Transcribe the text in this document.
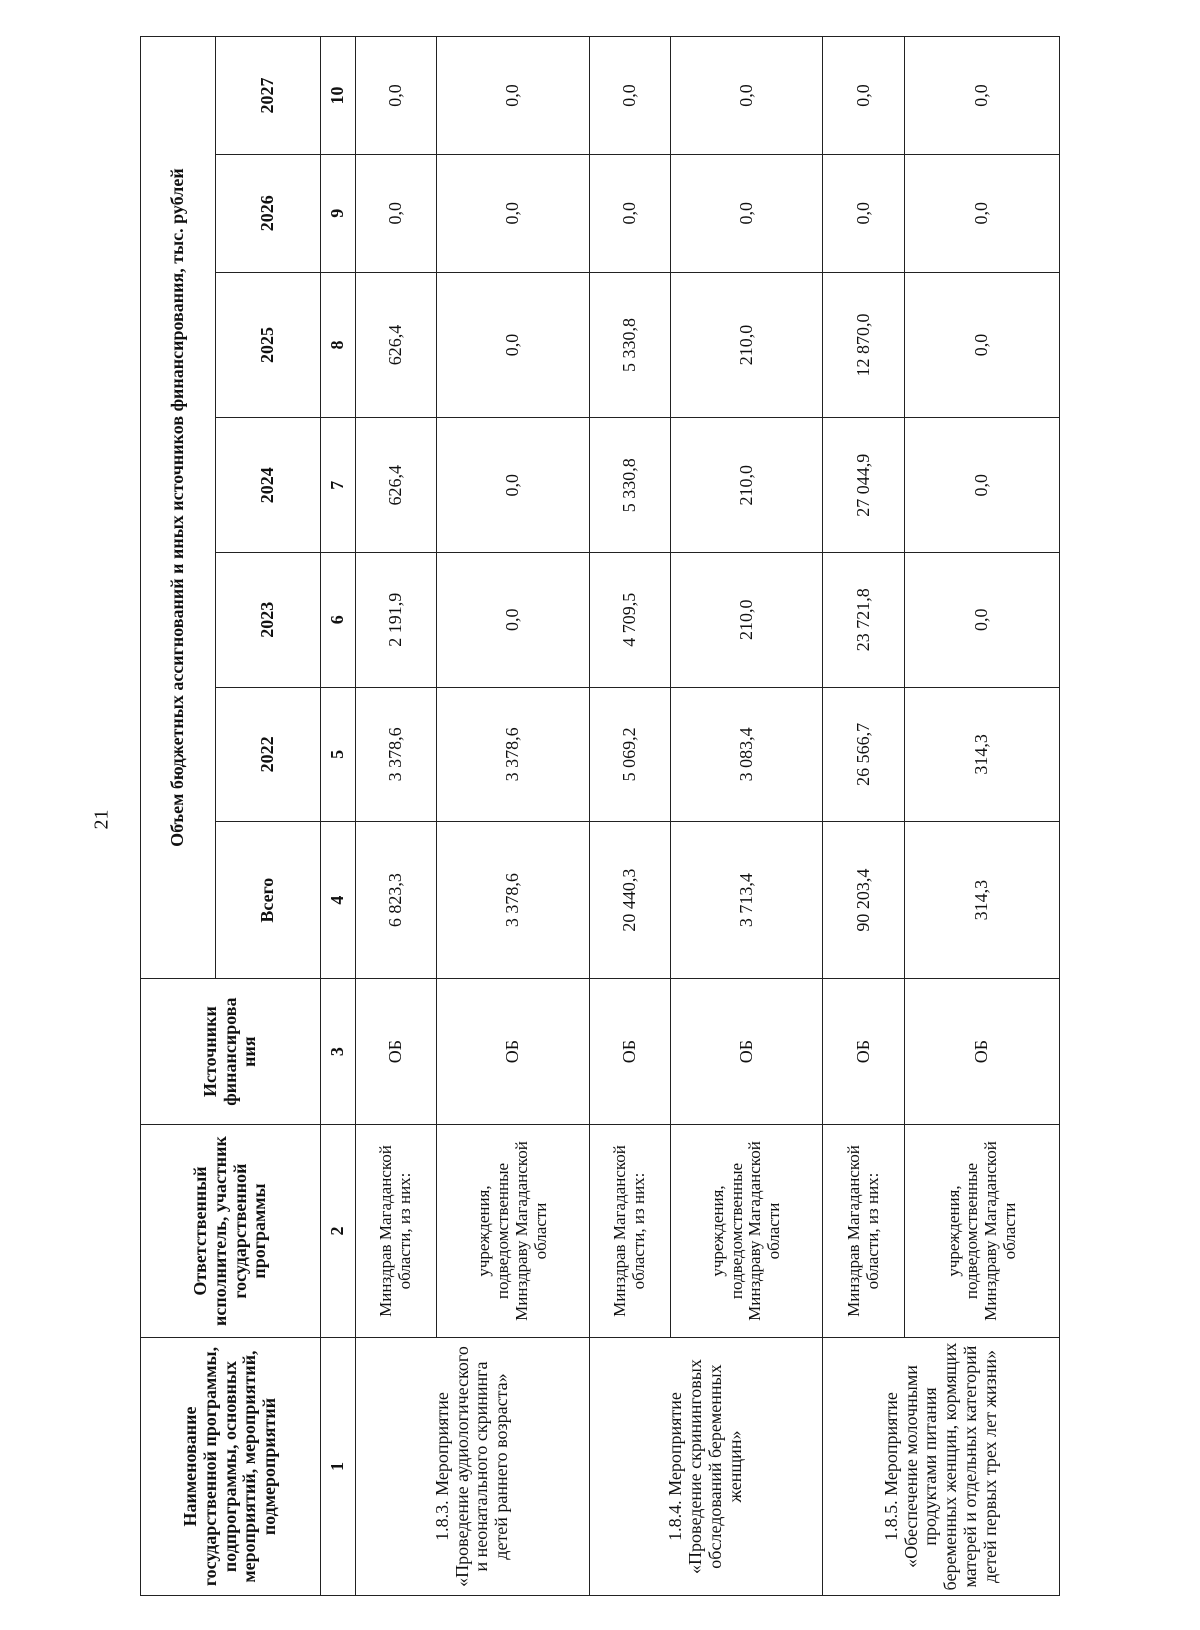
21
Наименование государственной программы, подпрограммы, основных мероприятий, мероприятий, подмероприятий	Ответственный исполнитель, участник государственной программы	Источники финансирова ния	Объем бюджетных ассигнований и иных источников финансирования, тыс. рублей						
			Всего	2022	2023	2024	2025	2026	2027
1	2	3	4	5	6	7	8	9	10
1.8.3. Мероприятие «Проведение аудиологического и неонатального скрининга детей раннего возраста»	Минздрав Магаданской области, из них:	ОБ	6 823,3	3 378,6	2 191,9	626,4	626,4	0,0	0,0
	учреждения, подведомственные Минздраву Магаданской области	ОБ	3 378,6	3 378,6	0,0	0,0	0,0	0,0	0,0
1.8.4. Мероприятие «Проведение скрининговых обследований беременных женщин»	Минздрав Магаданской области, из них:	ОБ	20 440,3	5 069,2	4 709,5	5 330,8	5 330,8	0,0	0,0
	учреждения, подведомственные Минздраву Магаданской области	ОБ	3 713,4	3 083,4	210,0	210,0	210,0	0,0	0,0
1.8.5. Мероприятие «Обеспечение молочными продуктами питания беременных женщин, кормящих матерей и отдельных категорий детей первых трех лет жизни»	Минздрав Магаданской области, из них:	ОБ	90 203,4	26 566,7	23 721,8	27 044,9	12 870,0	0,0	0,0
	учреждения, подведомственные Минздраву Магаданской области	ОБ	314,3	314,3	0,0	0,0	0,0	0,0	0,0
